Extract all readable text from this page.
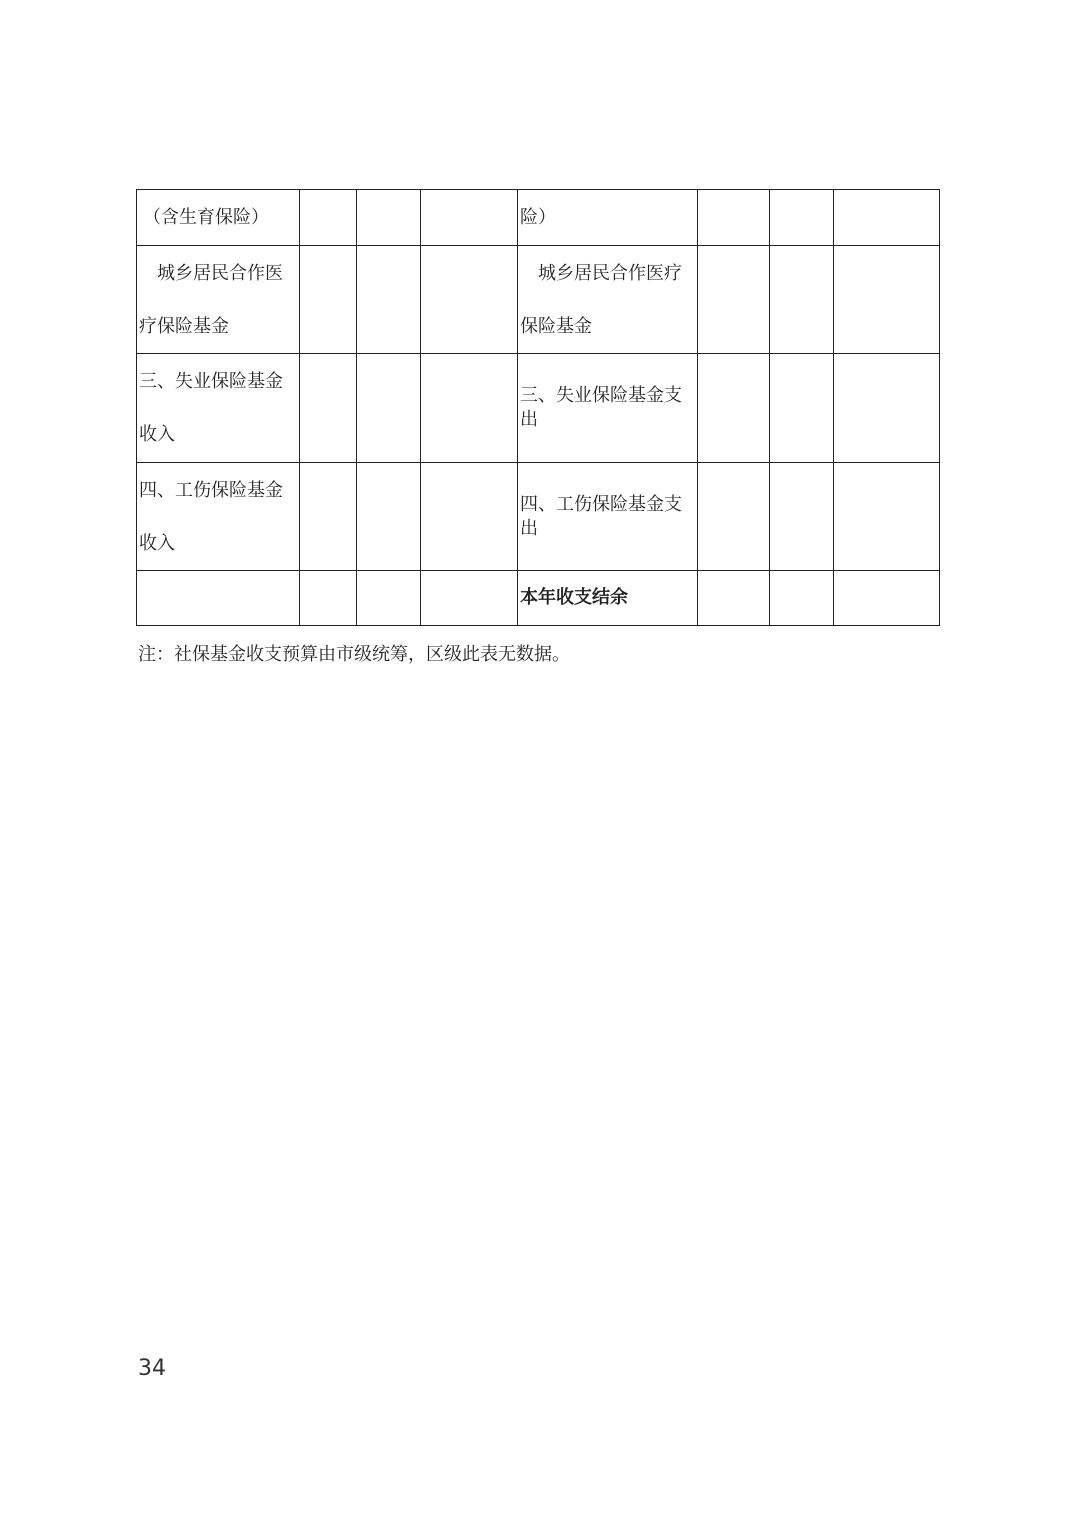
（含生育保险）				险）			
城乡居民合作医疗保险基金				城乡居民合作医疗保险基金			
三、失业保险基金收入				三、失业保险基金支出			
四、工伤保险基金收入				四、工伤保险基金支出			
				本年收支结余			
注：社保基金收支预算由市级统筹，区级此表无数据。
34
